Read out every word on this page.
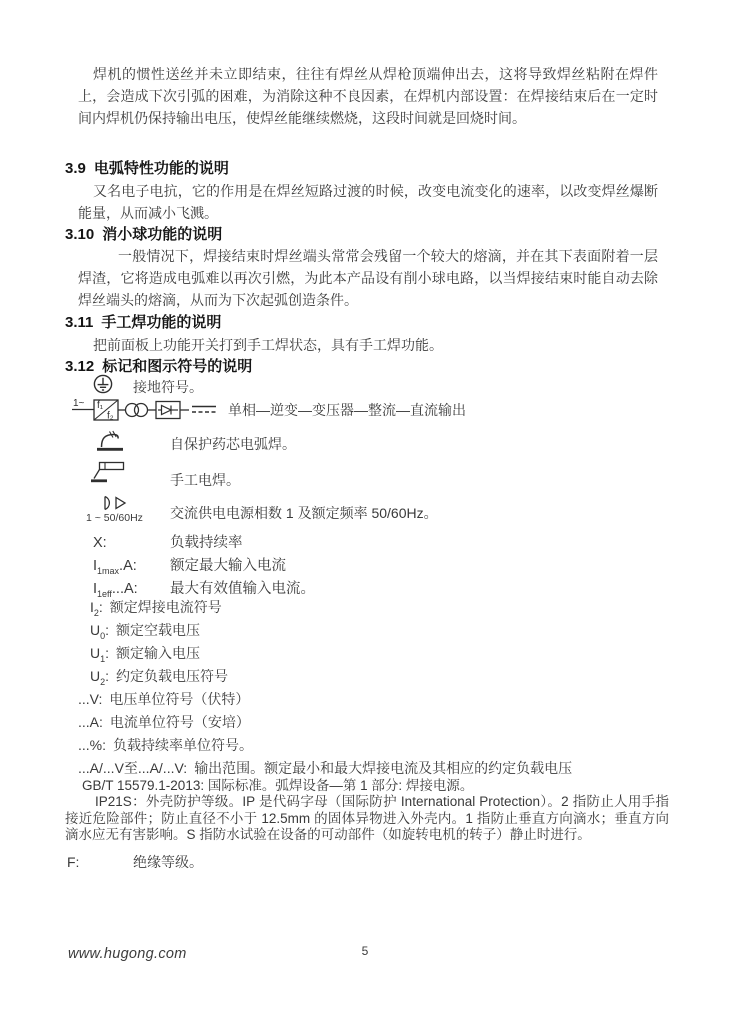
焊机的惯性送丝并未立即结束，往往有焊丝从焊枪顶端伸出去，这将导致焊丝粘附在焊件上，会造成下次引弧的困难，为消除这种不良因素，在焊机内部设置：在焊接结束后在一定时间内焊机仍保持输出电压，使焊丝能继续燃烧，这段时间就是回烧时间。

3.9 电弧特性功能的说明

又名电子电抗，它的作用是在焊丝短路过渡的时候，改变电流变化的速率，以改变焊丝爆断能量，从而减小飞溅。

3.10 消小球功能的说明

一般情况下，焊接结束时焊丝端头常常会残留一个较大的熔滴，并在其下表面附着一层焊渣，它将造成电弧难以再次引燃，为此本产品设有削小球电路，以当焊接结束时能自动去除焊丝端头的熔滴，从而为下次起弧创造条件。

3.11 手工焊功能的说明
把前面板上功能开关打到手工焊状态，具有手工焊功能。
3.12 标记和图示符号的说明
接地符号。
1~ f₁
f₂	单相—逆变—变压器—整流—直流输出
自保护药芯电弧焊。
手工电焊。
1 ~ 50/60Hz 交流供电电源相数 1 及额定频率 50/60Hz。
X:	负载持续率
$I_{1max}.A$: 额定最大输入电流
$I_{1eff}...A$: 最大有效值输入电流。
$I_2$: 额定焊接电流符号
$U_0$: 额定空载电压
$U_1$: 额定输入电压
$U_2$: 约定负载电压符号
...V: 电压单位符号（伏特）
...A: 电流单位符号（安培）
...%: 负载持续率单位符号。
...A/...V至...A/...V: 输出范围。额定最小和最大焊接电流及其相应的约定负载电压
GB/T 15579.1-2013: 国际标准。弧焊设备—第 1 部分: 焊接电源。

IP21S：外壳防护等级。IP 是代码字母（国际防护 International Protection）。2 指防止人用手指接近危险部件；防止直径不小于 12.5mm 的固体异物进入外壳内。1 指防止垂直方向滴水；垂直方向滴水应无有害影响。S 指防水试验在设备的可动部件（如旋转电机的转子）静止时进行。

F:	绝缘等级。
www.hugong.com	5
